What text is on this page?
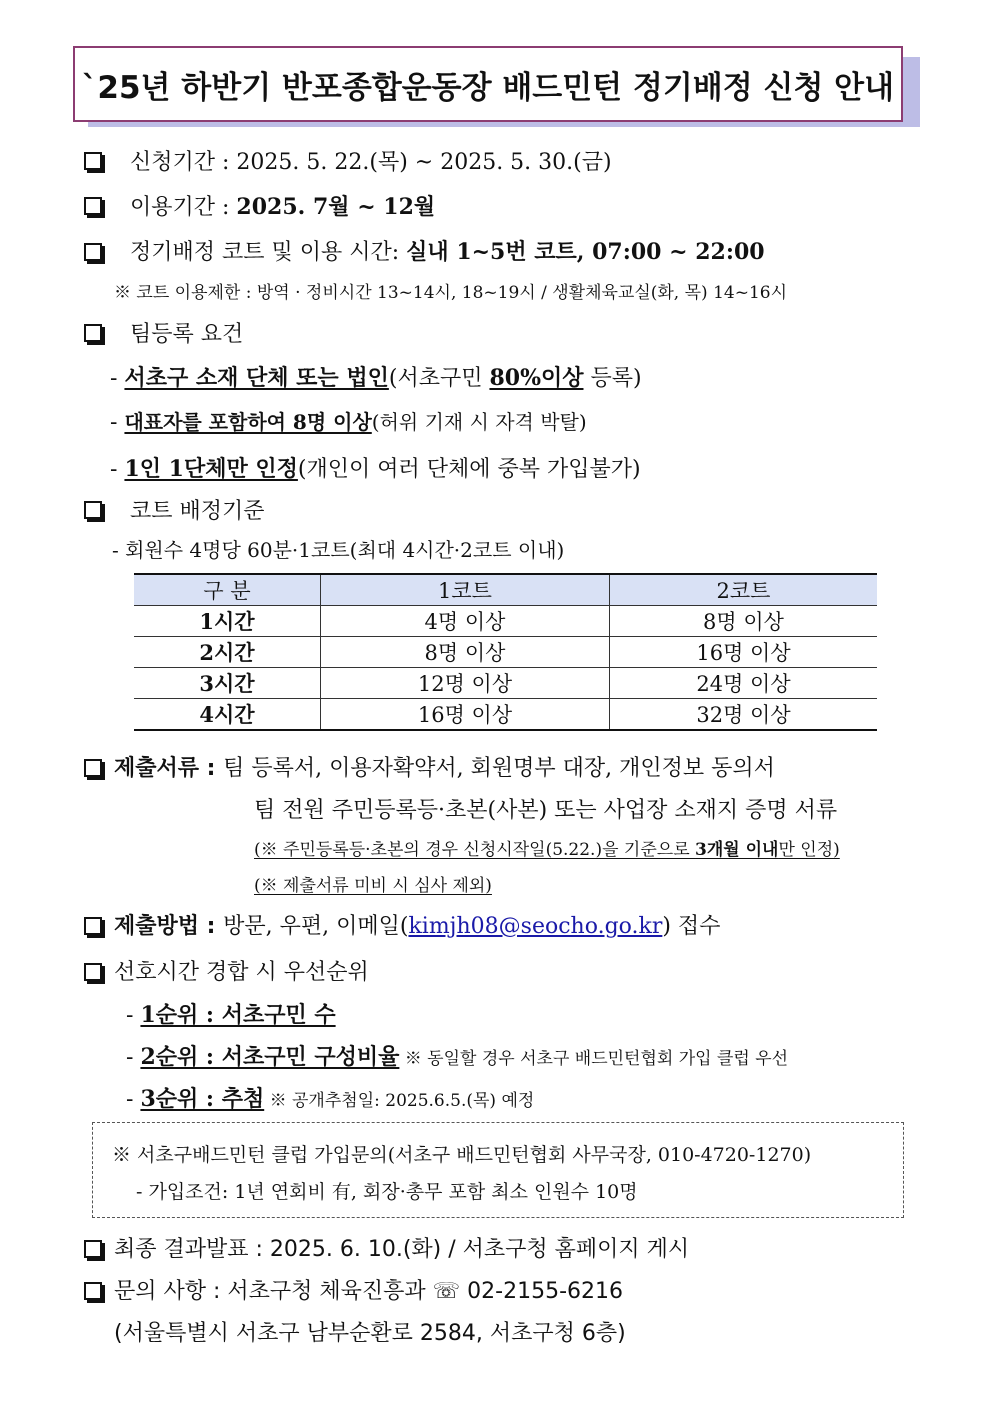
`25년 하반기 반포종합운동장 배드민턴 정기배정 신청 안내
신청기간 : 2025. 5. 22.(목) ~ 2025. 5. 30.(금)
이용기간 : 2025. 7월 ~ 12월
정기배정 코트 및 이용 시간: 실내 1~5번 코트, 07:00 ~ 22:00
※ 코트 이용제한 : 방역 · 정비시간 13~14시, 18~19시 / 생활체육교실(화, 목) 14~16시
팀등록 요건
- 서초구 소재 단체 또는 법인(서초구민 80%이상 등록)
- 대표자를 포함하여 8명 이상(허위 기재 시 자격 박탈)
- 1인 1단체만 인정(개인이 여러 단체에 중복 가입불가)
코트 배정기준
- 회원수 4명당 60분·1코트(최대 4시간·2코트 이내)
구 분	1코트	2코트
1시간	4명 이상	8명 이상
2시간	8명 이상	16명 이상
3시간	12명 이상	24명 이상
4시간	16명 이상	32명 이상
제출서류 : 팀 등록서, 이용자확약서, 회원명부 대장, 개인정보 동의서
팀 전원 주민등록등·초본(사본) 또는 사업장 소재지 증명 서류
(※ 주민등록등·초본의 경우 신청시작일(5.22.)을 기준으로 3개월 이내만 인정)
(※ 제출서류 미비 시 심사 제외)
제출방법 : 방문, 우편, 이메일(kimjh08@seocho.go.kr) 접수
선호시간 경합 시 우선순위
- 1순위 : 서초구민 수
- 2순위 : 서초구민 구성비율 ※ 동일할 경우 서초구 배드민턴협회 가입 클럽 우선
- 3순위 : 추첨 ※ 공개추첨일: 2025.6.5.(목) 예정
※ 서초구배드민턴 클럽 가입문의(서초구 배드민턴협회 사무국장, 010-4720-1270)
- 가입조건: 1년 연회비 有, 회장·총무 포함 최소 인원수 10명
최종 결과발표 : 2025. 6. 10.(화) / 서초구청 홈페이지 게시
문의 사항 : 서초구청 체육진흥과 ☏ 02-2155-6216
(서울특별시 서초구 남부순환로 2584, 서초구청 6층)
